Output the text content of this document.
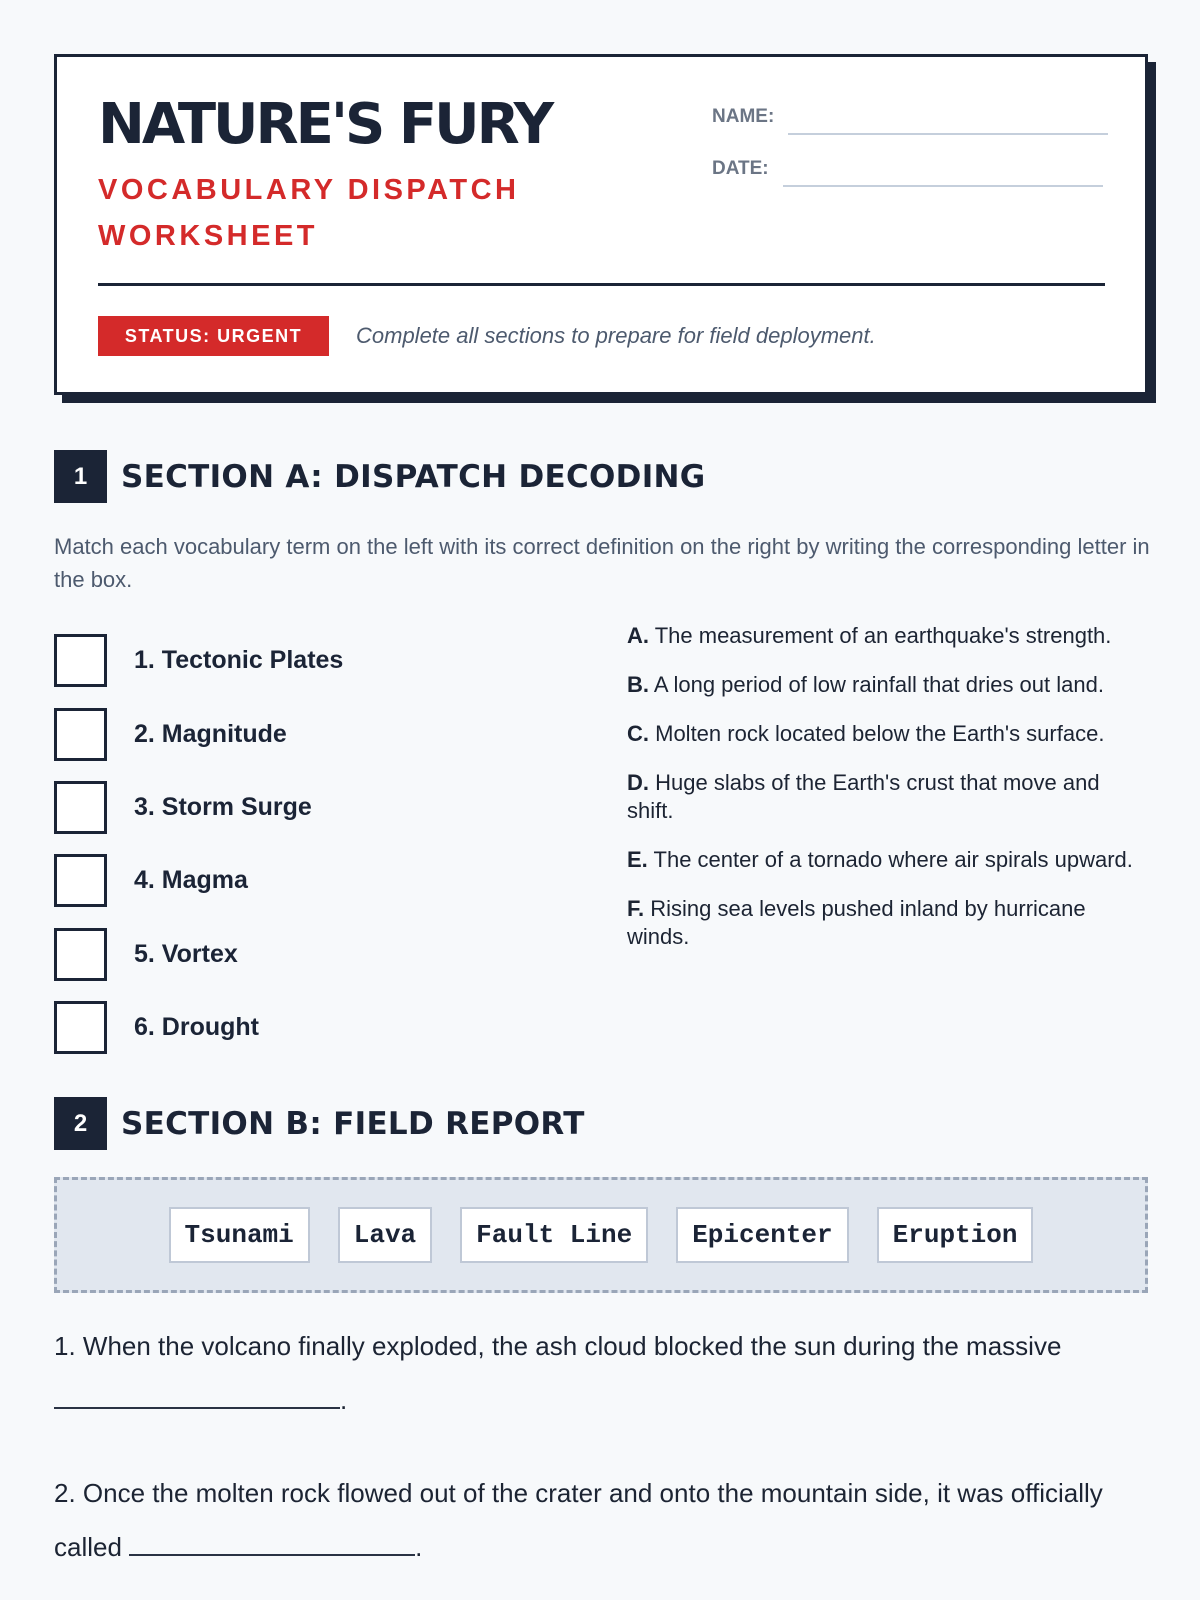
NATURE'S FURY
VOCABULARY DISPATCH WORKSHEET
NAME:
DATE:
STATUS: URGENT	Complete all sections to prepare for field deployment.
1	SECTION A: DISPATCH DECODING

Match each vocabulary term on the left with its correct definition on the right by writing the corresponding letter in the box.

1. Tectonic Plates
2. Magnitude
3. Storm Surge
4. Magma
5. Vortex
6. Drought

A. The measurement of an earthquake's strength.

B. A long period of low rainfall that dries out land.

C. Molten rock located below the Earth's surface.

D. Huge slabs of the Earth's crust that move and shift.

E. The center of a tornado where air spirals upward.

F. Rising sea levels pushed inland by hurricane winds.

2	SECTION B: FIELD REPORT
Tsunami	Lava	Fault Line	Epicenter	Eruption

1. When the volcano finally exploded, the ash cloud blocked the sun during the massive
.

2. Once the molten rock flowed out of the crater and onto the mountain side, it was officially called	.
